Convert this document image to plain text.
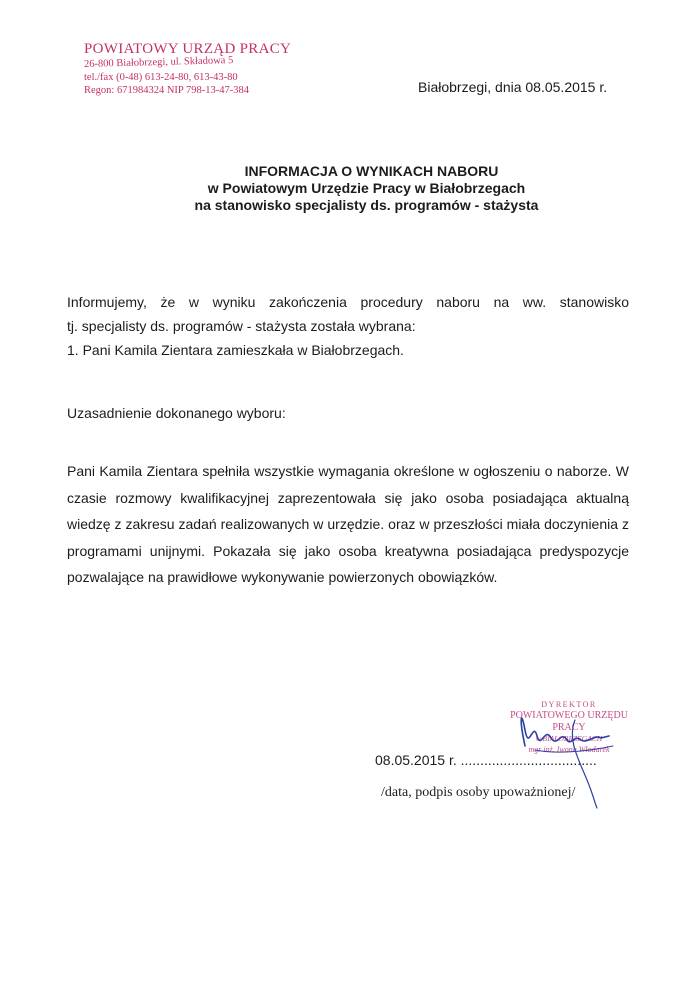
POWIATOWY URZĄD PRACY
26-800 Białobrzegi, ul. Składowa 5
tel./fax (0-48) 613-24-80, 613-43-80
Regon: 671984324 NIP 798-13-47-384	Białobrzegi, dnia 08.05.2015 r.
INFORMACJA O WYNIKACH NABORU
w Powiatowym Urzędzie Pracy w Białobrzegach
na stanowisko specjalisty ds. programów - stażysta
Informujemy, że w wyniku zakończenia procedury naboru na ww. stanowisko
tj. specjalisty ds. programów - stażysta została wybrana:
1. Pani Kamila Zientara zamieszkała w Białobrzegach.
Uzasadnienie dokonanego wyboru:
Pani Kamila Zientara spełniła wszystkie wymagania określone w ogłoszeniu o naborze. W czasie rozmowy kwalifikacyjnej zaprezentowała się jako osoba posiadająca aktualną wiedzę z zakresu zadań realizowanych w urzędzie. oraz w przeszłości miała doczynienia z programami unijnymi. Pokazała się jako osoba kreatywna posiadająca predyspozycje pozwalające na prawidłowe wykonywanie powierzonych obowiązków.
DYREKTOR
POWIATOWEGO URZĘDU PRACY
w BIAŁOBRZEGACH
mgr inż. Iwona Włodarek
08.05.2015 r. ...................................
/data, podpis osoby upoważnionej/
